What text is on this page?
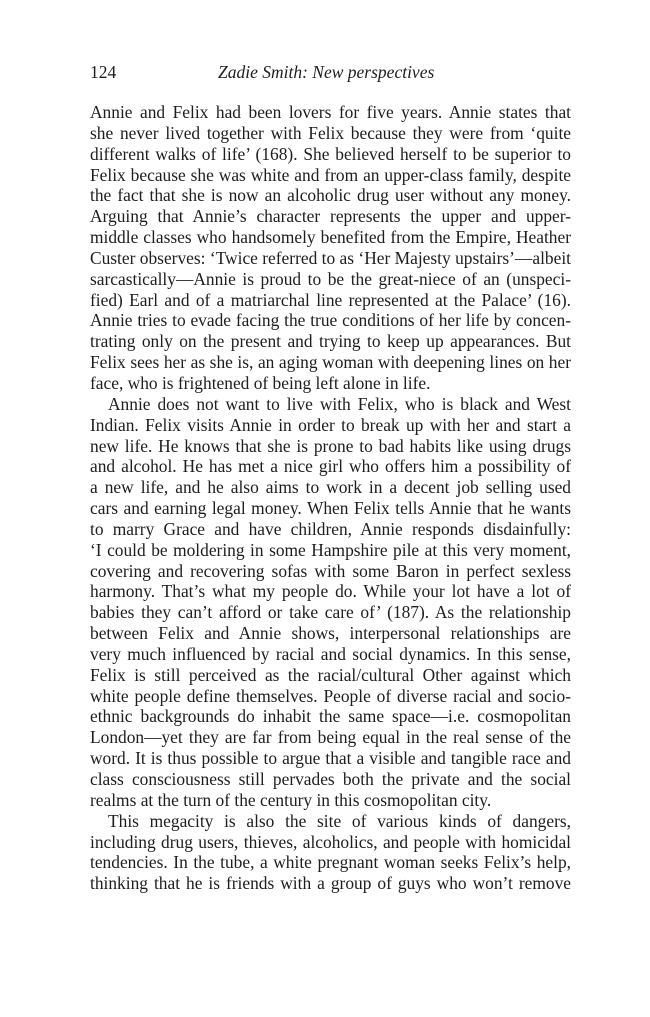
124	Zadie Smith: New perspectives
Annie and Felix had been lovers for five years. Annie states that
she never lived together with Felix because they were from ‘quite
different walks of life’ (168). She believed herself to be superior to
Felix because she was white and from an upper-class family, despite
the fact that she is now an alcoholic drug user without any money.
Arguing that Annie’s character represents the upper and upper-
middle classes who handsomely benefited from the Empire, Heather
Custer observes: ‘Twice referred to as ‘Her Majesty upstairs’—albeit
sarcastically—Annie is proud to be the great-niece of an (unspeci-
fied) Earl and of a matriarchal line represented at the Palace’ (16).
Annie tries to evade facing the true conditions of her life by concen-
trating only on the present and trying to keep up appearances. But
Felix sees her as she is, an aging woman with deepening lines on her
face, who is frightened of being left alone in life.
Annie does not want to live with Felix, who is black and West
Indian. Felix visits Annie in order to break up with her and start a
new life. He knows that she is prone to bad habits like using drugs
and alcohol. He has met a nice girl who offers him a possibility of
a new life, and he also aims to work in a decent job selling used
cars and earning legal money. When Felix tells Annie that he wants
to marry Grace and have children, Annie responds disdainfully:
‘I could be moldering in some Hampshire pile at this very moment,
covering and recovering sofas with some Baron in perfect sexless
harmony. That’s what my people do. While your lot have a lot of
babies they can’t afford or take care of’ (187). As the relationship
between Felix and Annie shows, interpersonal relationships are
very much influenced by racial and social dynamics. In this sense,
Felix is still perceived as the racial/cultural Other against which
white people define themselves. People of diverse racial and socio-
ethnic backgrounds do inhabit the same space—i.e. cosmopolitan
London—yet they are far from being equal in the real sense of the
word. It is thus possible to argue that a visible and tangible race and
class consciousness still pervades both the private and the social
realms at the turn of the century in this cosmopolitan city.
This megacity is also the site of various kinds of dangers,
including drug users, thieves, alcoholics, and people with homicidal
tendencies. In the tube, a white pregnant woman seeks Felix’s help,
thinking that he is friends with a group of guys who won’t remove
